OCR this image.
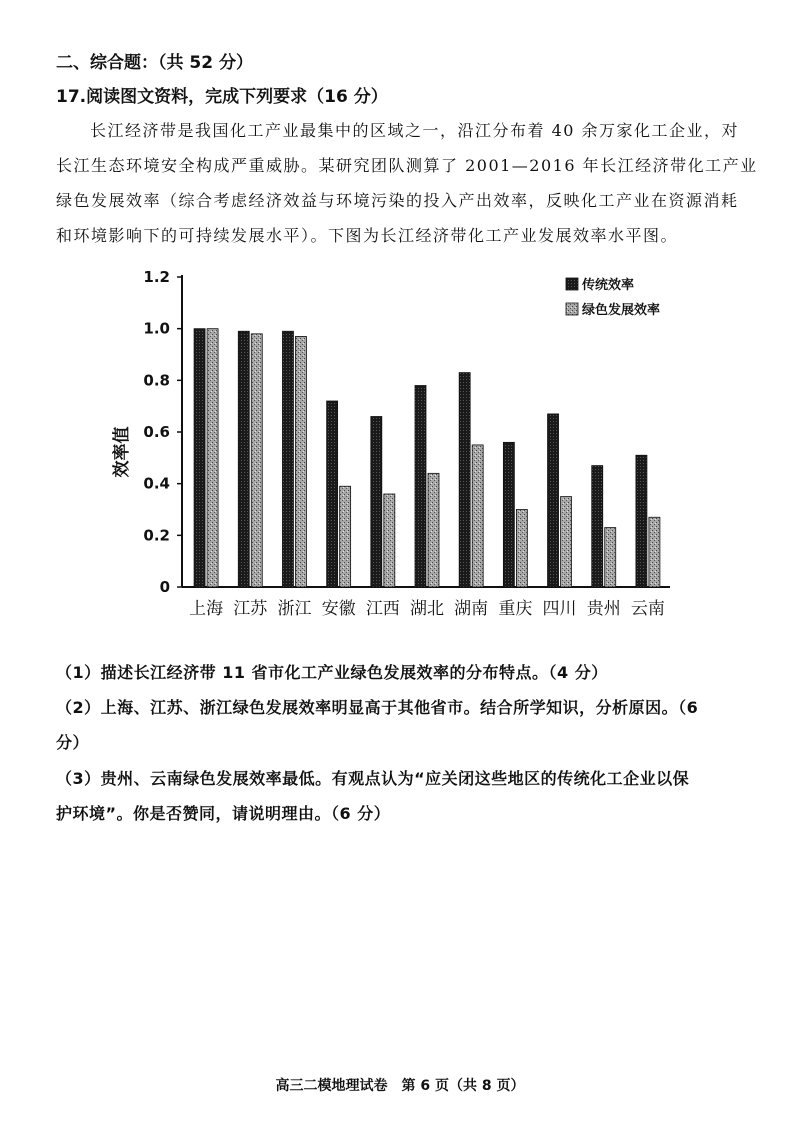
二、综合题：（共 52 分）
17.阅读图文资料，完成下列要求（16 分）
长江经济带是我国化工产业最集中的区域之一，沿江分布着 40 余万家化工企业，对
长江生态环境安全构成严重威胁。某研究团队测算了 2001—2016 年长江经济带化工产业
绿色发展效率（综合考虑经济效益与环境污染的投入产出效率，反映化工产业在资源消耗
和环境影响下的可持续发展水平）。下图为长江经济带化工产业发展效率水平图。
0
0.2
0.4
0.6
0.8
1.0
1.2
效率值
上海 江苏 浙江 安徽 江西 湖北 湖南 重庆 四川 贵州 云南
传统效率
绿色发展效率
（1）描述长江经济带 11 省市化工产业绿色发展效率的分布特点。（4 分）
（2）上海、江苏、浙江绿色发展效率明显高于其他省市。结合所学知识，分析原因。（6
分）
（3）贵州、云南绿色发展效率最低。有观点认为“应关闭这些地区的传统化工企业以保
护环境”。你是否赞同，请说明理由。（6 分）
高三二模地理试卷　第 6 页（共 8 页）
